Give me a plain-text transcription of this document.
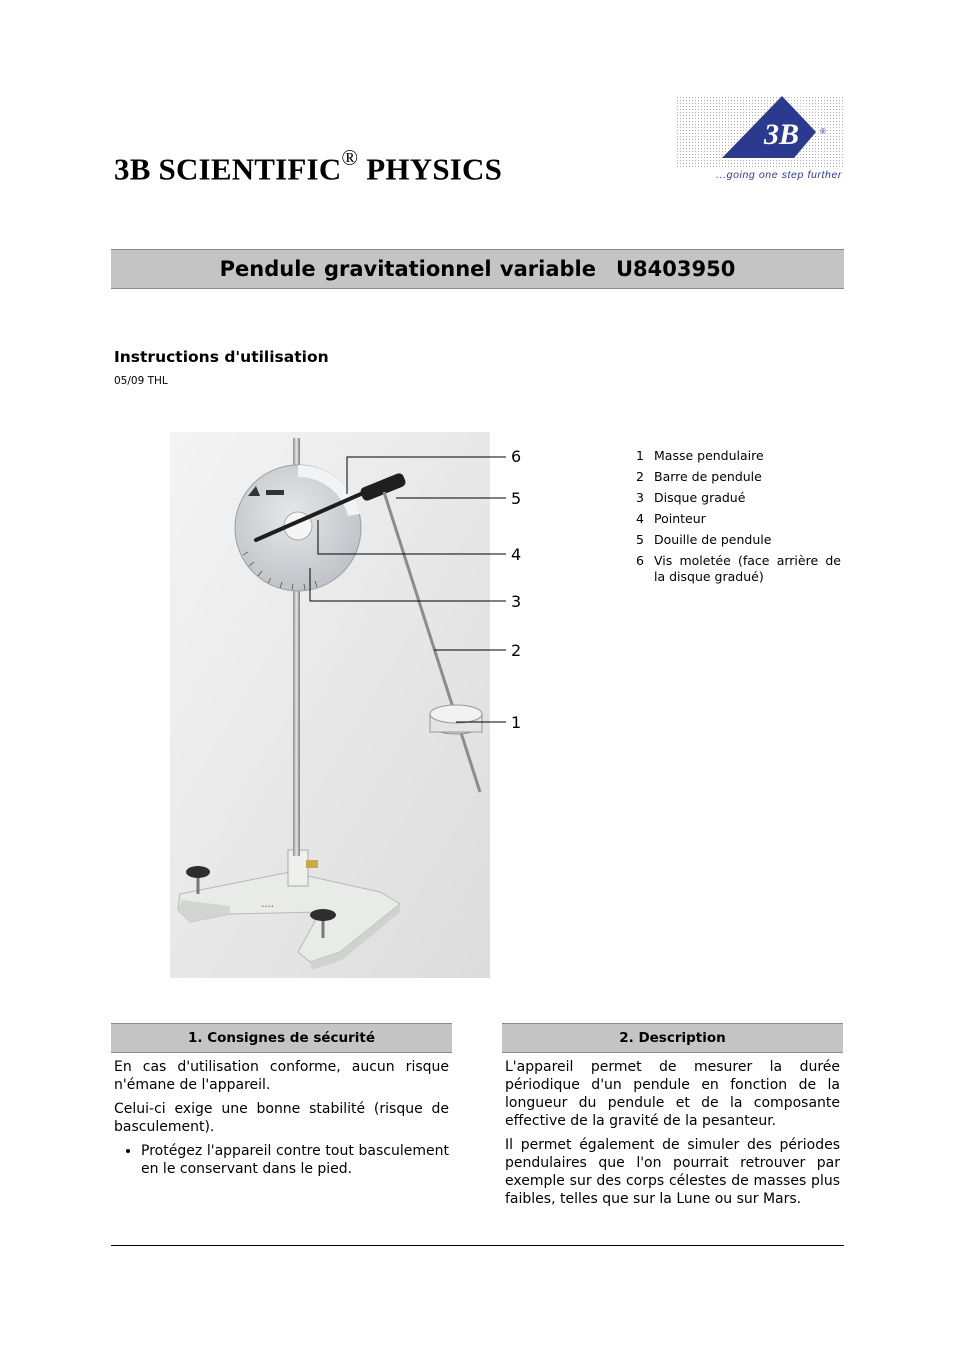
3B SCIENTIFIC® PHYSICS
3B	®
...going one step further
Pendule gravitationnel variable U8403950
Instructions d'utilisation
05/09 THL
• • • •
6
5
4
3
2
1
1 Masse pendulaire
2 Barre de pendule
3 Disque gradué
4 Pointeur
5 Douille de pendule
6 Vis moletée (face arrière de la disque gradué)
1. Consignes de sécurité

En cas d'utilisation conforme, aucun risque n'émane de l'appareil.

Celui-ci exige une bonne stabilité (risque de basculement).

• Protégez l'appareil contre tout basculement en le conservant dans le pied.
2. Description

L'appareil permet de mesurer la durée périodique d'un pendule en fonction de la longueur du pendule et de la composante effective de la gravité de la pesanteur.

Il permet également de simuler des périodes pendulaires que l'on pourrait retrouver par exemple sur des corps célestes de masses plus faibles, telles que sur la Lune ou sur Mars.
